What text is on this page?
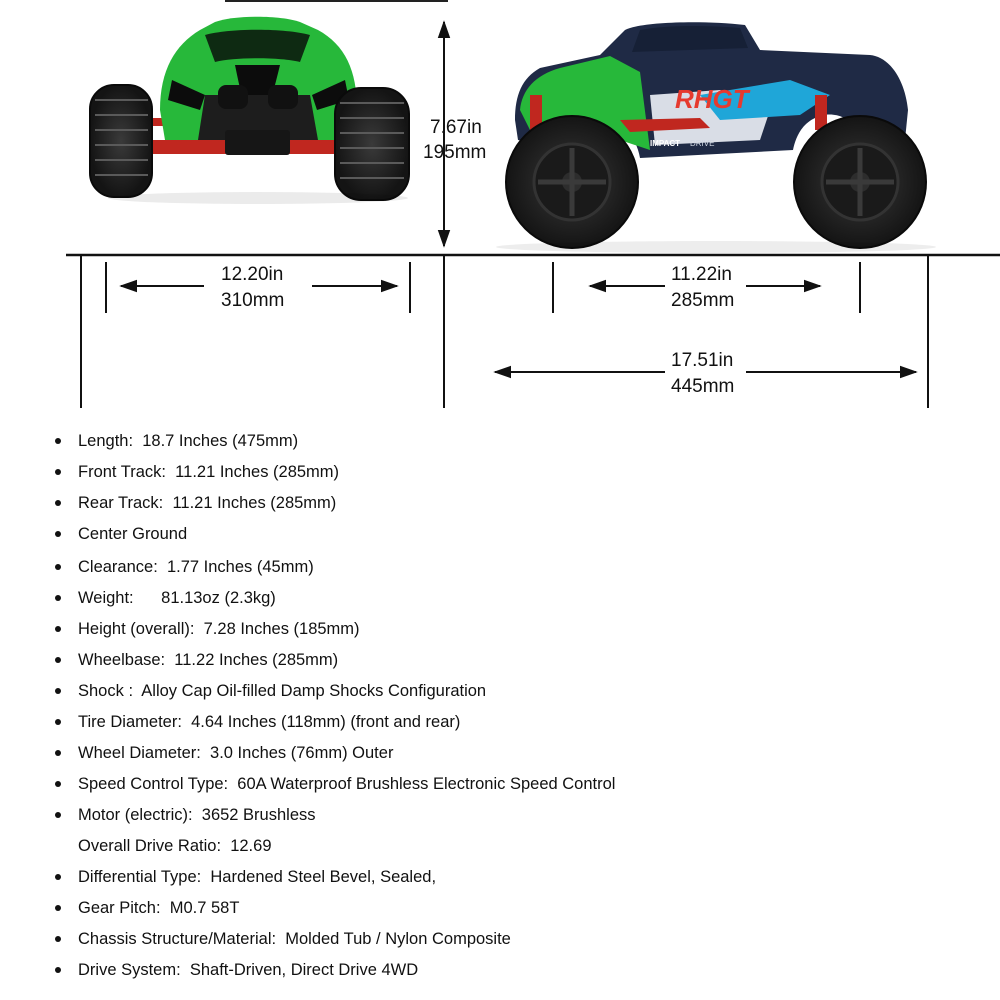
RHGT
IMPACT DRIVE
7.67in
195mm
12.20in
310mm
11.22in
285mm
17.51in
445mm
Length:  18.7 Inches (475mm)
Front Track:  11.21 Inches (285mm)
Rear Track:  11.21 Inches (285mm)
Center Ground
Clearance:  1.77 Inches (45mm)
Weight:      81.13oz (2.3kg)
Height (overall):  7.28 Inches (185mm)
Wheelbase:  11.22 Inches (285mm)
Shock :  Alloy Cap Oil-filled Damp Shocks Configuration
Tire Diameter:  4.64 Inches (118mm) (front and rear)
Wheel Diameter:  3.0 Inches (76mm) Outer
Speed Control Type:  60A Waterproof Brushless Electronic Speed Control
Motor (electric):  3652 Brushless
Overall Drive Ratio:  12.69
Differential Type:  Hardened Steel Bevel, Sealed,
Gear Pitch:  M0.7 58T
Chassis Structure/Material:  Molded Tub / Nylon Composite
Drive System:  Shaft-Driven, Direct Drive 4WD
